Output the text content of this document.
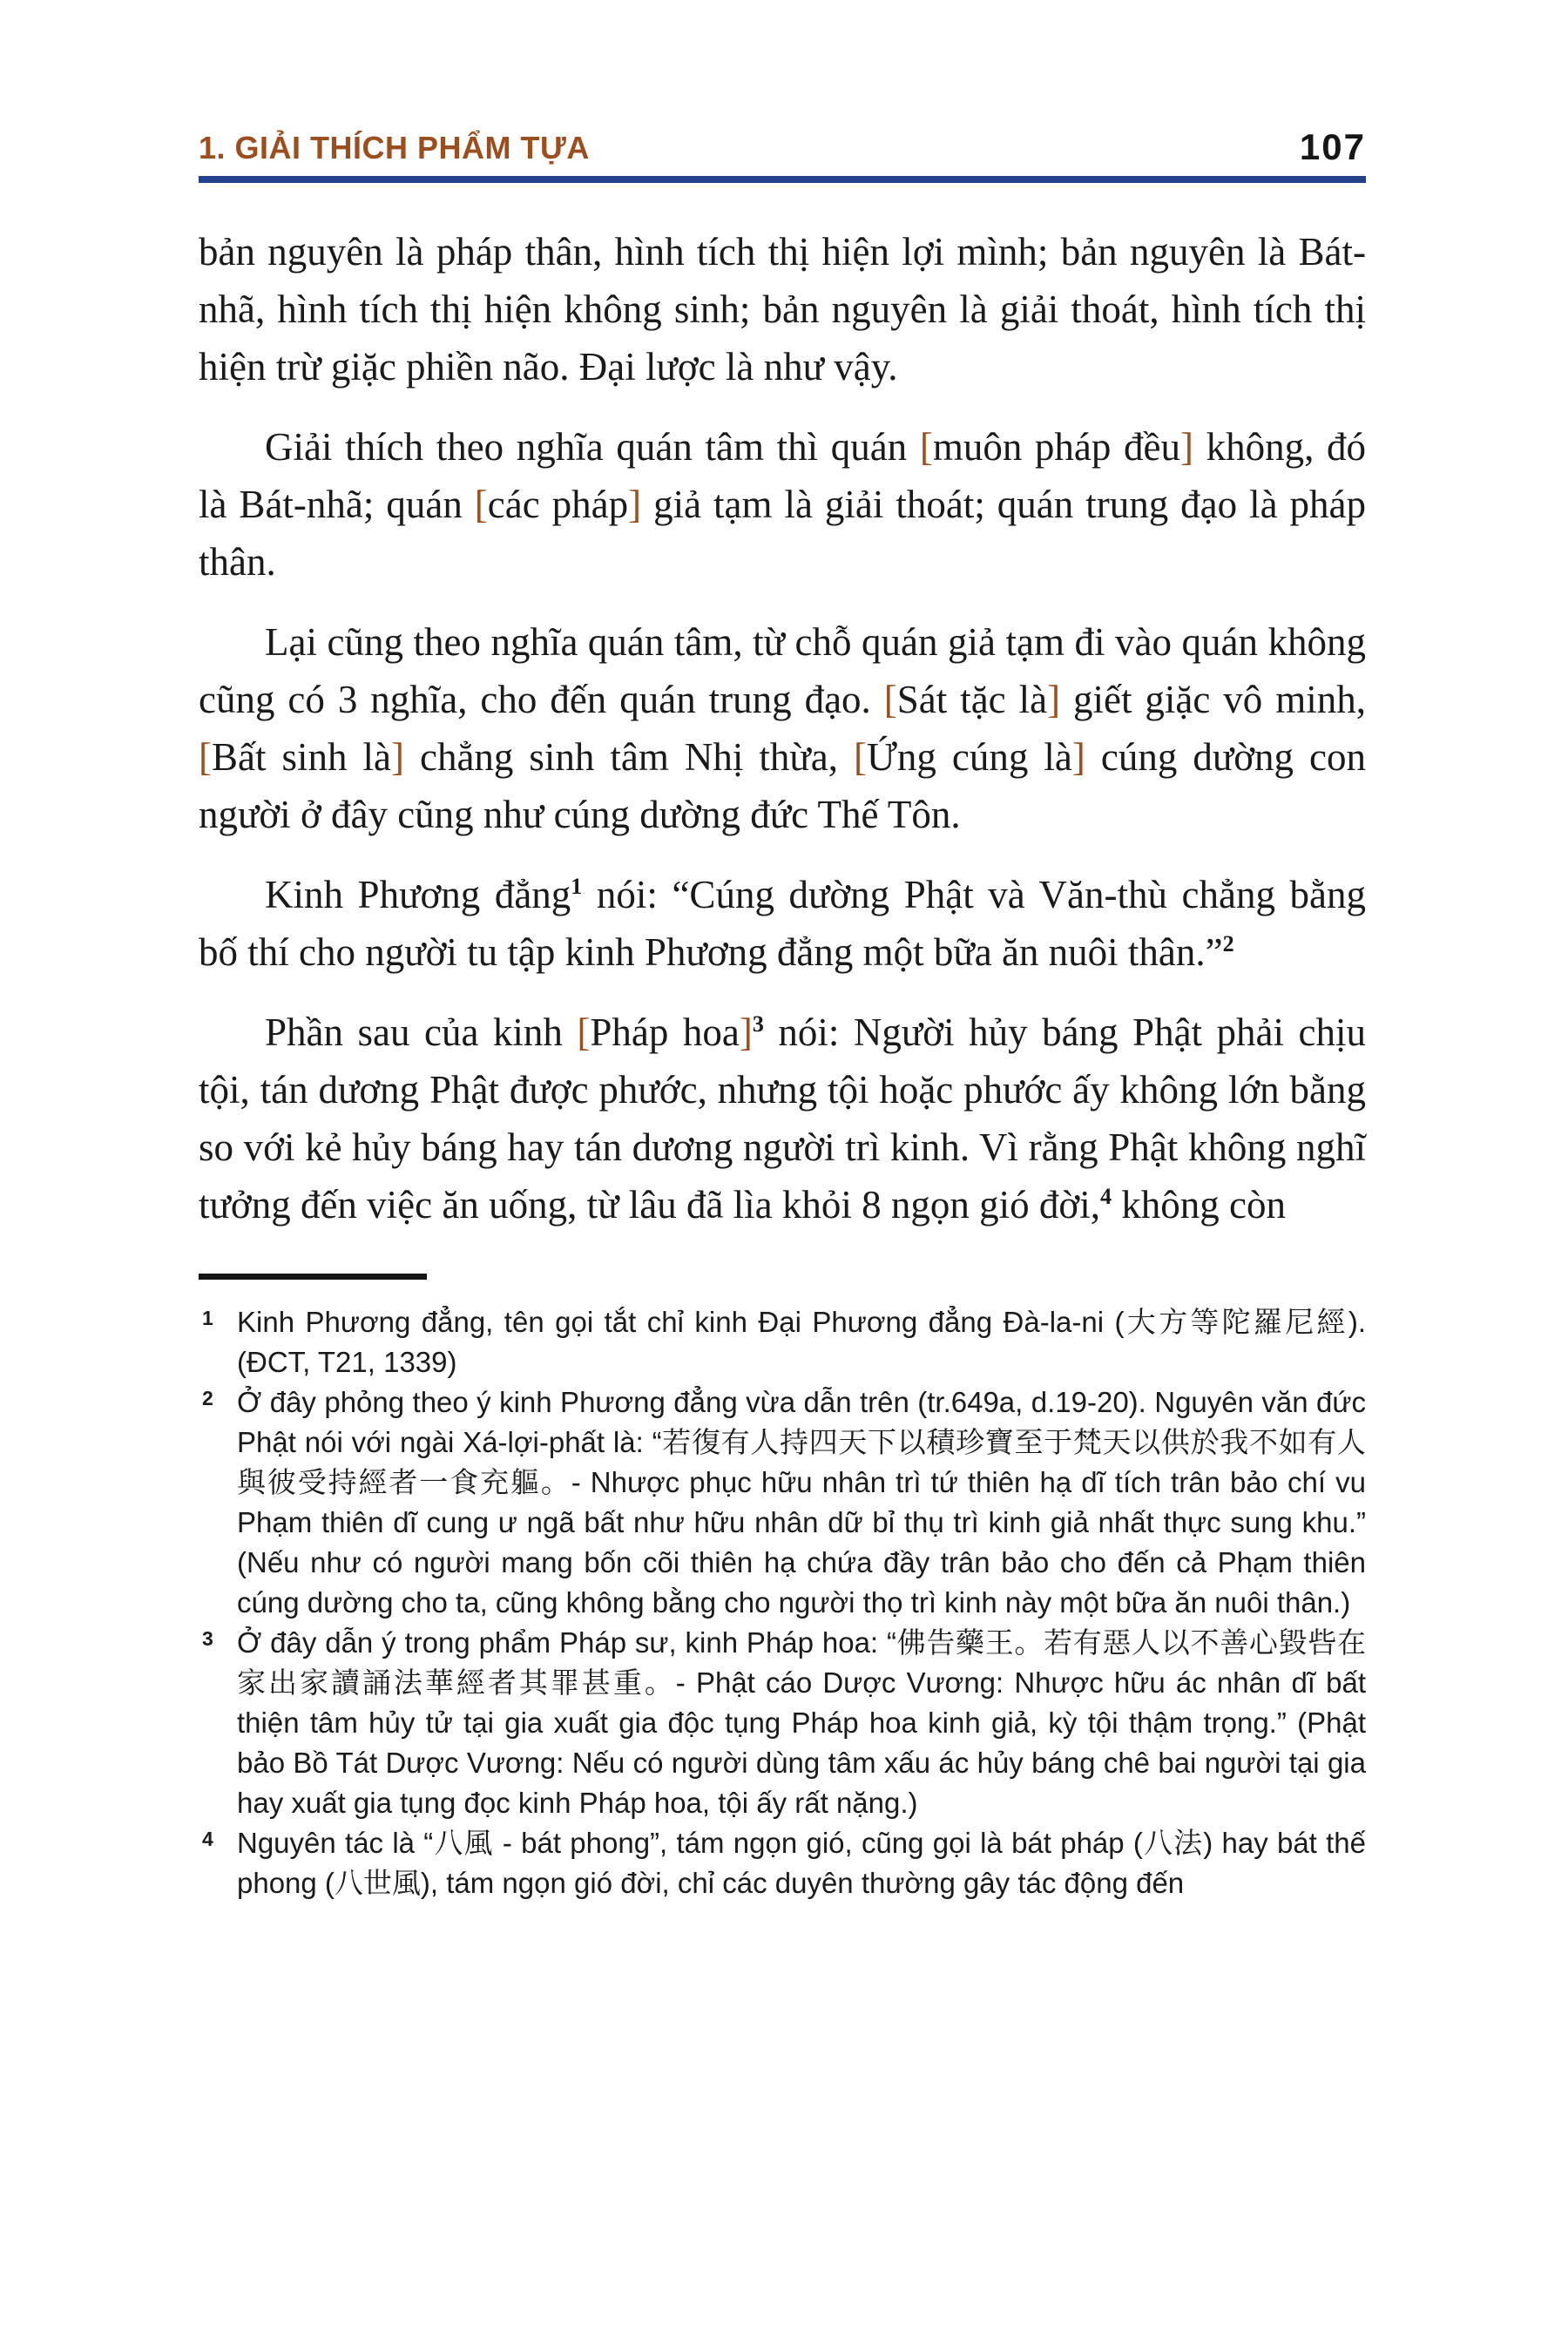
1. GIẢI THÍCH PHẨM TỰA	107

bản nguyên là pháp thân, hình tích thị hiện lợi mình; bản nguyên là Bát-nhã, hình tích thị hiện không sinh; bản nguyên là giải thoát, hình tích thị hiện trừ giặc phiền não. Đại lược là như vậy.

Giải thích theo nghĩa quán tâm thì quán [muôn pháp đều] không, đó là Bát-nhã; quán [các pháp] giả tạm là giải thoát; quán trung đạo là pháp thân.

Lại cũng theo nghĩa quán tâm, từ chỗ quán giả tạm đi vào quán không cũng có 3 nghĩa, cho đến quán trung đạo. [Sát tặc là] giết giặc vô minh, [Bất sinh là] chẳng sinh tâm Nhị thừa, [Ứng cúng là] cúng dường con người ở đây cũng như cúng dường đức Thế Tôn.

Kinh Phương đẳng$^1$ nói: “Cúng dường Phật và Văn-thù chẳng bằng bố thí cho người tu tập kinh Phương đẳng một bữa ăn nuôi thân.”$^2$

Phần sau của kinh [Pháp hoa]$^3$ nói: Người hủy báng Phật phải chịu tội, tán dương Phật được phước, nhưng tội hoặc phước ấy không lớn bằng so với kẻ hủy báng hay tán dương người trì kinh. Vì rằng Phật không nghĩ tưởng đến việc ăn uống, từ lâu đã lìa khỏi 8 ngọn gió đời,$^4$ không còn

1 Kinh Phương đẳng, tên gọi tắt chỉ kinh Đại Phương đẳng Đà-la-ni (大方等陀羅尼經). (ĐCT, T21, 1339)
2 Ở đây phỏng theo ý kinh Phương đẳng vừa dẫn trên (tr.649a, d.19-20). Nguyên văn đức Phật nói với ngài Xá-lợi-phất là: “若復有人持四天下以積珍寶至于梵天以供於我不如有人與彼受持經者一食充軀。- Nhược phục hữu nhân trì tứ thiên hạ dĩ tích trân bảo chí vu Phạm thiên dĩ cung ư ngã bất như hữu nhân dữ bỉ thụ trì kinh giả nhất thực sung khu.” (Nếu như có người mang bốn cõi thiên hạ chứa đầy trân bảo cho đến cả Phạm thiên cúng dường cho ta, cũng không bằng cho người thọ trì kinh này một bữa ăn nuôi thân.)
3 Ở đây dẫn ý trong phẩm Pháp sư, kinh Pháp hoa: “佛告藥王。若有惡人以不善心毀呰在家出家讀誦法華經者其罪甚重。- Phật cáo Dược Vương: Nhược hữu ác nhân dĩ bất thiện tâm hủy tử tại gia xuất gia độc tụng Pháp hoa kinh giả, kỳ tội thậm trọng.” (Phật bảo Bồ Tát Dược Vương: Nếu có người dùng tâm xấu ác hủy báng chê bai người tại gia hay xuất gia tụng đọc kinh Pháp hoa, tội ấy rất nặng.)
4 Nguyên tác là “八風 - bát phong”, tám ngọn gió, cũng gọi là bát pháp (八法) hay bát thế phong (八世風), tám ngọn gió đời, chỉ các duyên thường gây tác động đến
